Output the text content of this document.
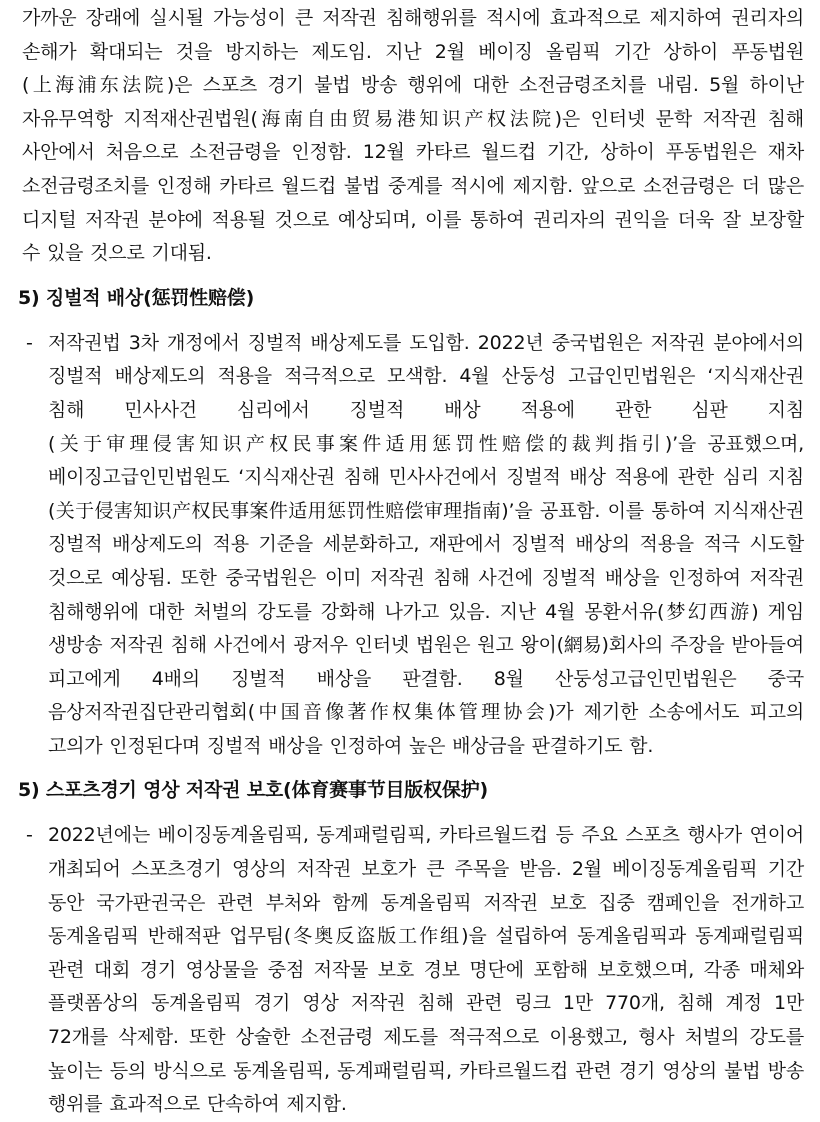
가까운 장래에 실시될 가능성이 큰 저작권 침해행위를 적시에 효과적으로 제지하여 권리자의 손해가 확대되는 것을 방지하는 제도임. 지난 2월 베이징 올림픽 기간 상하이 푸동법원(上海浦东法院)은 스포츠 경기 불법 방송 행위에 대한 소전금령조치를 내림. 5월 하이난 자유무역항 지적재산권법원(海南自由贸易港知识产权法院)은 인터넷 문학 저작권 침해 사안에서 처음으로 소전금령을 인정함. 12월 카타르 월드컵 기간, 상하이 푸동법원은 재차 소전금령조치를 인정해 카타르 월드컵 불법 중계를 적시에 제지함. 앞으로 소전금령은 더 많은 디지털 저작권 분야에 적용될 것으로 예상되며, 이를 통하여 권리자의 권익을 더욱 잘 보장할 수 있을 것으로 기대됨.

5) 징벌적 배상(惩罚性赔偿)
- 저작권법 3차 개정에서 징벌적 배상제도를 도입함. 2022년 중국법원은 저작권 분야에서의 징벌적 배상제도의 적용을 적극적으로 모색함. 4월 산둥성 고급인민법원은 ‘지식재산권 침해 민사사건 심리에서 징벌적 배상 적용에 관한 심판 지침(关于审理侵害知识产权民事案件适用惩罚性赔偿的裁判指引)’을 공표했으며, 베이징고급인민법원도 ‘지식재산권 침해 민사사건에서 징벌적 배상 적용에 관한 심리 지침(关于侵害知识产权民事案件适用惩罚性赔偿审理指南)’을 공표함. 이를 통하여 지식재산권 징벌적 배상제도의 적용 기준을 세분화하고, 재판에서 징벌적 배상의 적용을 적극 시도할 것으로 예상됨. 또한 중국법원은 이미 저작권 침해 사건에 징벌적 배상을 인정하여 저작권 침해행위에 대한 처벌의 강도를 강화해 나가고 있음. 지난 4월 몽환서유(梦幻西游) 게임 생방송 저작권 침해 사건에서 광저우 인터넷 법원은 원고 왕이(網易)회사의 주장을 받아들여 피고에게 4배의 징벌적 배상을 판결함. 8월 산둥성고급인민법원은 중국 음상저작권집단관리협회(中国音像著作权集体管理协会)가 제기한 소송에서도 피고의 고의가 인정된다며 징벌적 배상을 인정하여 높은 배상금을 판결하기도 함.

5) 스포츠경기 영상 저작권 보호(体育赛事节目版权保护)
- 2022년에는 베이징동계올림픽, 동계패럴림픽, 카타르월드컵 등 주요 스포츠 행사가 연이어 개최되어 스포츠경기 영상의 저작권 보호가 큰 주목을 받음. 2월 베이징동계올림픽 기간 동안 국가판권국은 관련 부처와 함께 동계올림픽 저작권 보호 집중 캠페인을 전개하고 동계올림픽 반해적판 업무팀(冬奥反盗版工作组)을 설립하여 동계올림픽과 동계패럴림픽 관련 대회 경기 영상물을 중점 저작물 보호 경보 명단에 포함해 보호했으며, 각종 매체와 플랫폼상의 동계올림픽 경기 영상 저작권 침해 관련 링크 1만 770개, 침해 계정 1만 72개를 삭제함. 또한 상술한 소전금령 제도를 적극적으로 이용했고, 형사 처벌의 강도를 높이는 등의 방식으로 동계올림픽, 동계패럴림픽, 카타르월드컵 관련 경기 영상의 불법 방송 행위를 효과적으로 단속하여 제지함.
